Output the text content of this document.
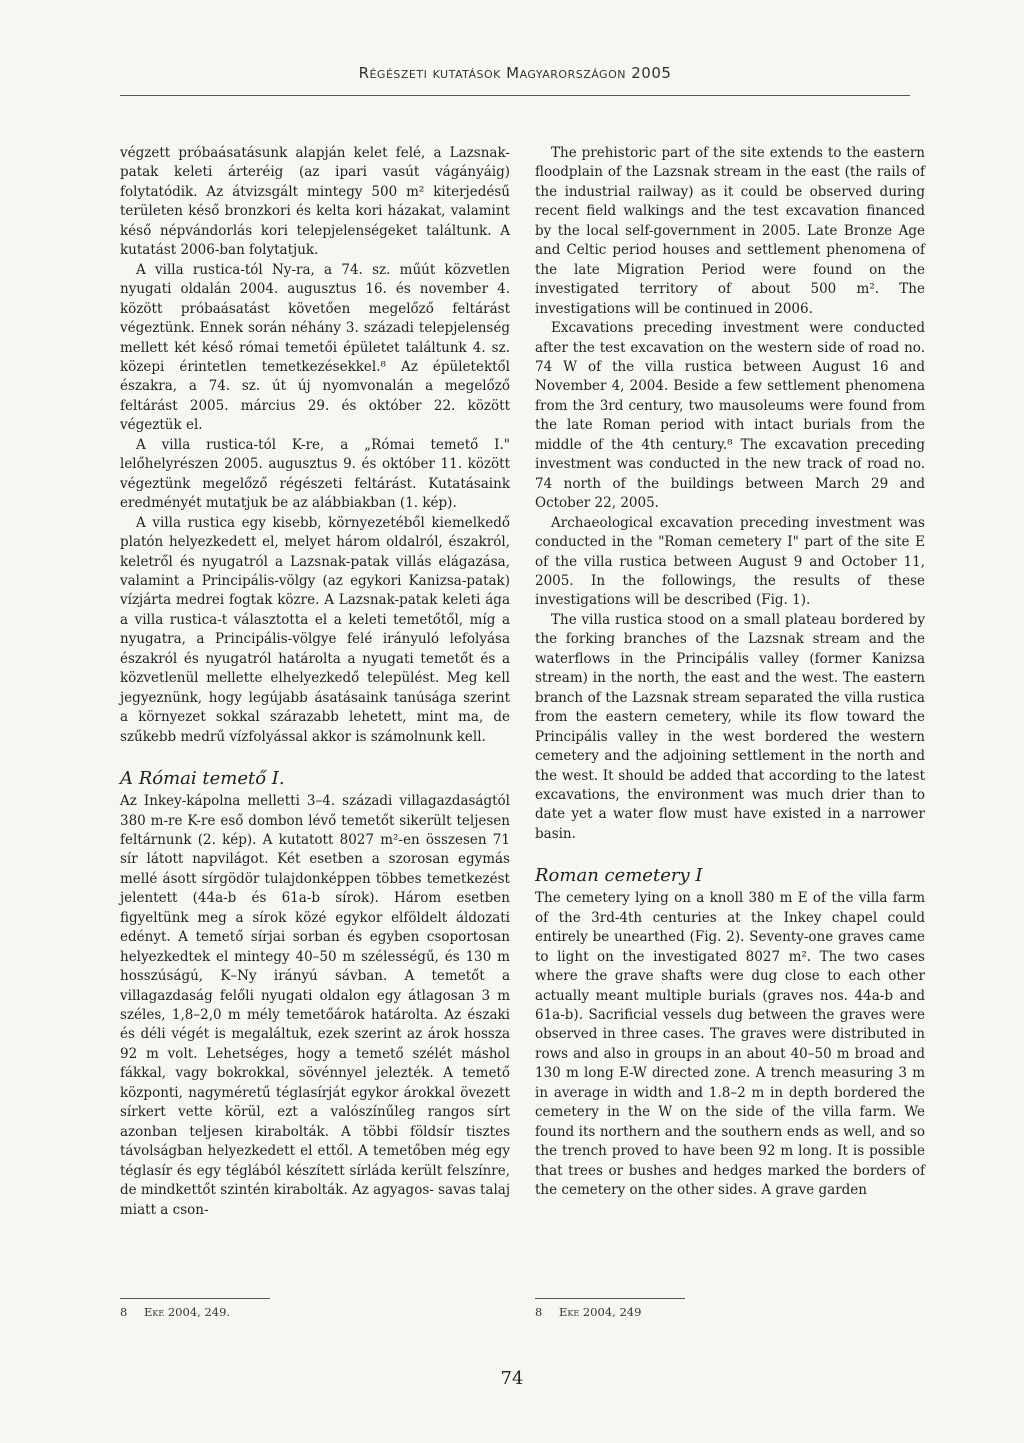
Régészeti kutatások Magyarországon 2005

végzett próbaásatásunk alapján kelet felé, a Lazsnak-patak keleti árteréig (az ipari vasút vágányáig) folytatódik. Az átvizsgált mintegy 500 m² kiterjedésű területen késő bronzkori és kelta kori házakat, valamint késő népvándorlás kori telepjelenségeket találtunk. A kutatást 2006-ban folytatjuk.

A villa rustica-tól Ny-ra, a 74. sz. műút közvetlen nyugati oldalán 2004. augusztus 16. és november 4. között próbaásatást követően megelőző feltárást végeztünk. Ennek során néhány 3. századi telepjelenség mellett két késő római temetői épületet találtunk 4. sz. közepi érintetlen temetkezésekkel.⁸ Az épületektől északra, a 74. sz. út új nyomvonalán a megelőző feltárást 2005. március 29. és október 22. között végeztük el.

A villa rustica-tól K-re, a „Római temető I." lelőhelyrészen 2005. augusztus 9. és október 11. között végeztünk megelőző régészeti feltárást. Kutatásaink eredményét mutatjuk be az alábbiakban (1. kép).

A villa rustica egy kisebb, környezetéből kiemelkedő platón helyezkedett el, melyet három oldalról, északról, keletről és nyugatról a Lazsnak-patak villás elágazása, valamint a Principális-völgy (az egykori Kanizsa-patak) vízjárta medrei fogtak közre. A Lazsnak-patak keleti ága a villa rustica-t választotta el a keleti temetőtől, míg a nyugatra, a Principális-völgye felé irányuló lefolyása északról és nyugatról határolta a nyugati temetőt és a közvetlenül mellette elhelyezkedő települést. Meg kell jegyeznünk, hogy legújabb ásatásaink tanúsága szerint a környezet sokkal szárazabb lehetett, mint ma, de szűkebb medrű vízfolyással akkor is számolnunk kell.

A Római temető I.

Az Inkey-kápolna melletti 3–4. századi villagazdaságtól 380 m-re K-re eső dombon lévő temetőt sikerült teljesen feltárnunk (2. kép). A kutatott 8027 m²-en összesen 71 sír látott napvilágot. Két esetben a szorosan egymás mellé ásott sírgödör tulajdonképpen többes temetkezést jelentett (44a-b és 61a-b sírok). Három esetben figyeltünk meg a sírok közé egykor elföldelt áldozati edényt. A temető sírjai sorban és egyben csoportosan helyezkedtek el mintegy 40–50 m szélességű, és 130 m hosszúságú, K–Ny irányú sávban. A temetőt a villagazdaság felőli nyugati oldalon egy átlagosan 3 m széles, 1,8–2,0 m mély temetőárok határolta. Az északi és déli végét is megaláltuk, ezek szerint az árok hossza 92 m volt. Lehetséges, hogy a temető szélét máshol fákkal, vagy bokrokkal, sövénnyel jelezték. A temető központi, nagyméretű téglasírját egykor árokkal övezett sírkert vette körül, ezt a valószínűleg rangos sírt azonban teljesen kirabolták. A többi földsír tisztes távolságban helyezkedett el ettől. A temetőben még egy téglasír és egy téglából készített sírláda került felszínre, de mindkettőt szintén kirabolták. Az agyagos- savas talaj miatt a cson-

The prehistoric part of the site extends to the eastern floodplain of the Lazsnak stream in the east (the rails of the industrial railway) as it could be observed during recent field walkings and the test excavation financed by the local self-government in 2005. Late Bronze Age and Celtic period houses and settlement phenomena of the late Migration Period were found on the investigated territory of about 500 m². The investigations will be continued in 2006.

Excavations preceding investment were conducted after the test excavation on the western side of road no. 74 W of the villa rustica between August 16 and November 4, 2004. Beside a few settlement phenomena from the 3rd century, two mausoleums were found from the late Roman period with intact burials from the middle of the 4th century.⁸ The excavation preceding investment was conducted in the new track of road no. 74 north of the buildings between March 29 and October 22, 2005.

Archaeological excavation preceding investment was conducted in the "Roman cemetery I" part of the site E of the villa rustica between August 9 and October 11, 2005. In the followings, the results of these investigations will be described (Fig. 1).

The villa rustica stood on a small plateau bordered by the forking branches of the Lazsnak stream and the waterflows in the Principális valley (former Kanizsa stream) in the north, the east and the west. The eastern branch of the Lazsnak stream separated the villa rustica from the eastern cemetery, while its flow toward the Principális valley in the west bordered the western cemetery and the adjoining settlement in the north and the west. It should be added that according to the latest excavations, the environment was much drier than to date yet a water flow must have existed in a narrower basin.

Roman cemetery I

The cemetery lying on a knoll 380 m E of the villa farm of the 3rd-4th centuries at the Inkey chapel could entirely be unearthed (Fig. 2). Seventy-one graves came to light on the investigated 8027 m². The two cases where the grave shafts were dug close to each other actually meant multiple burials (graves nos. 44a-b and 61a-b). Sacrificial vessels dug between the graves were observed in three cases. The graves were distributed in rows and also in groups in an about 40–50 m broad and 130 m long E-W directed zone. A trench measuring 3 m in average in width and 1.8–2 m in depth bordered the cemetery in the W on the side of the villa farm. We found its northern and the southern ends as well, and so the trench proved to have been 92 m long. It is possible that trees or bushes and hedges marked the borders of the cemetery on the other sides. A grave garden

8 Eke 2004, 249.	8 Eke 2004, 249
74
